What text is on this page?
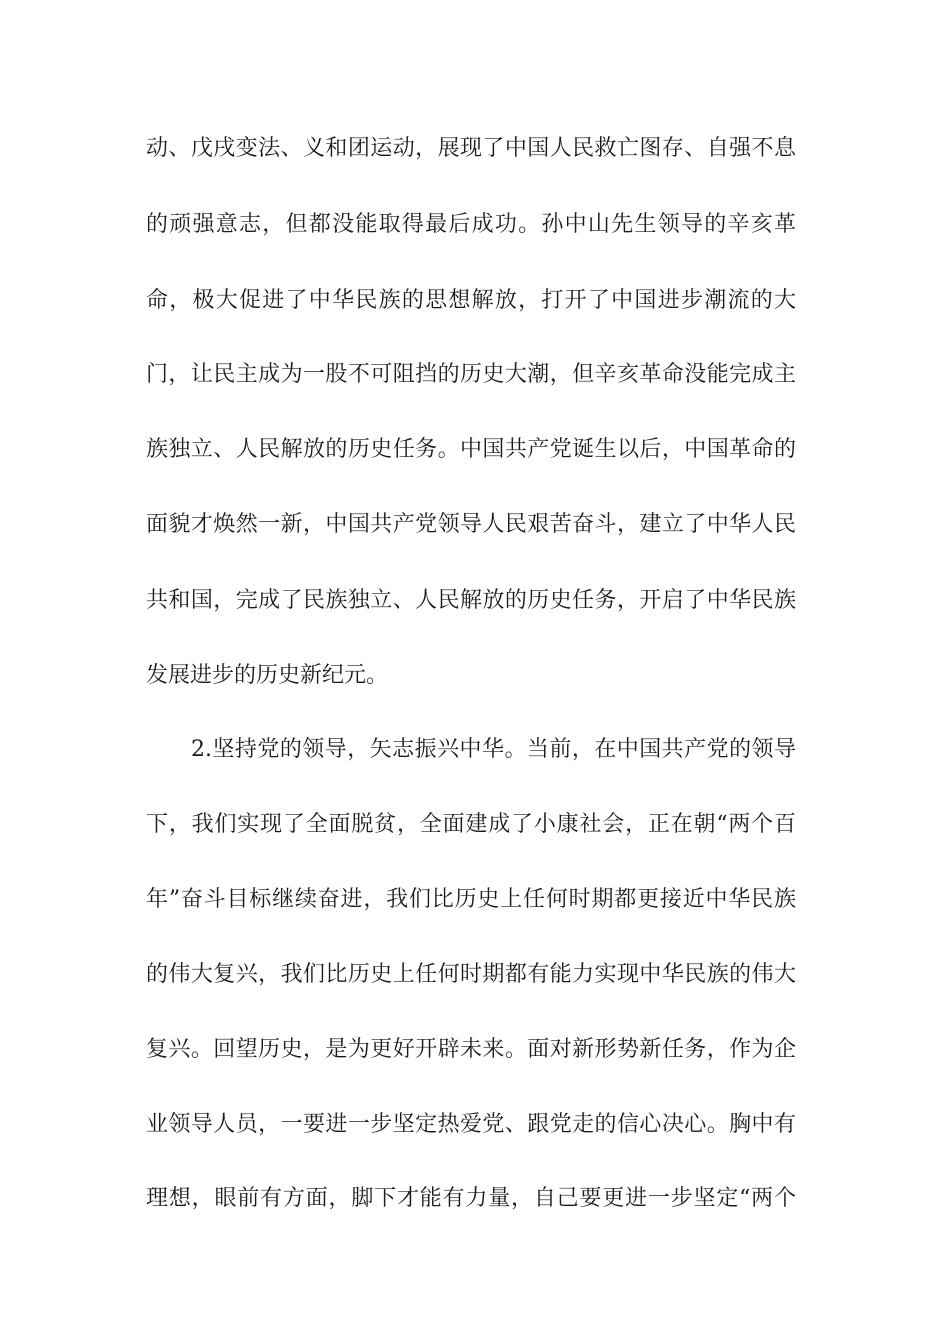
动、戊戌变法、义和团运动，展现了中国人民救亡图存、自强不息
的顽强意志，但都没能取得最后成功。孙中山先生领导的辛亥革
命，极大促进了中华民族的思想解放，打开了中国进步潮流的大
门，让民主成为一股不可阻挡的历史大潮，但辛亥革命没能完成主
族独立、人民解放的历史任务。中国共产党诞生以后，中国革命的
面貌才焕然一新，中国共产党领导人民艰苦奋斗，建立了中华人民
共和国，完成了民族独立、人民解放的历史任务，开启了中华民族
发展进步的历史新纪元。
2.坚持党的领导，矢志振兴中华。当前，在中国共产党的领导
下，我们实现了全面脱贫，全面建成了小康社会，正在朝“两个百
年”奋斗目标继续奋进，我们比历史上任何时期都更接近中华民族
的伟大复兴，我们比历史上任何时期都有能力实现中华民族的伟大
复兴。回望历史，是为更好开辟未来。面对新形势新任务，作为企
业领导人员，一要进一步坚定热爱党、跟党走的信心决心。胸中有
理想，眼前有方面，脚下才能有力量，自己要更进一步坚定“两个
